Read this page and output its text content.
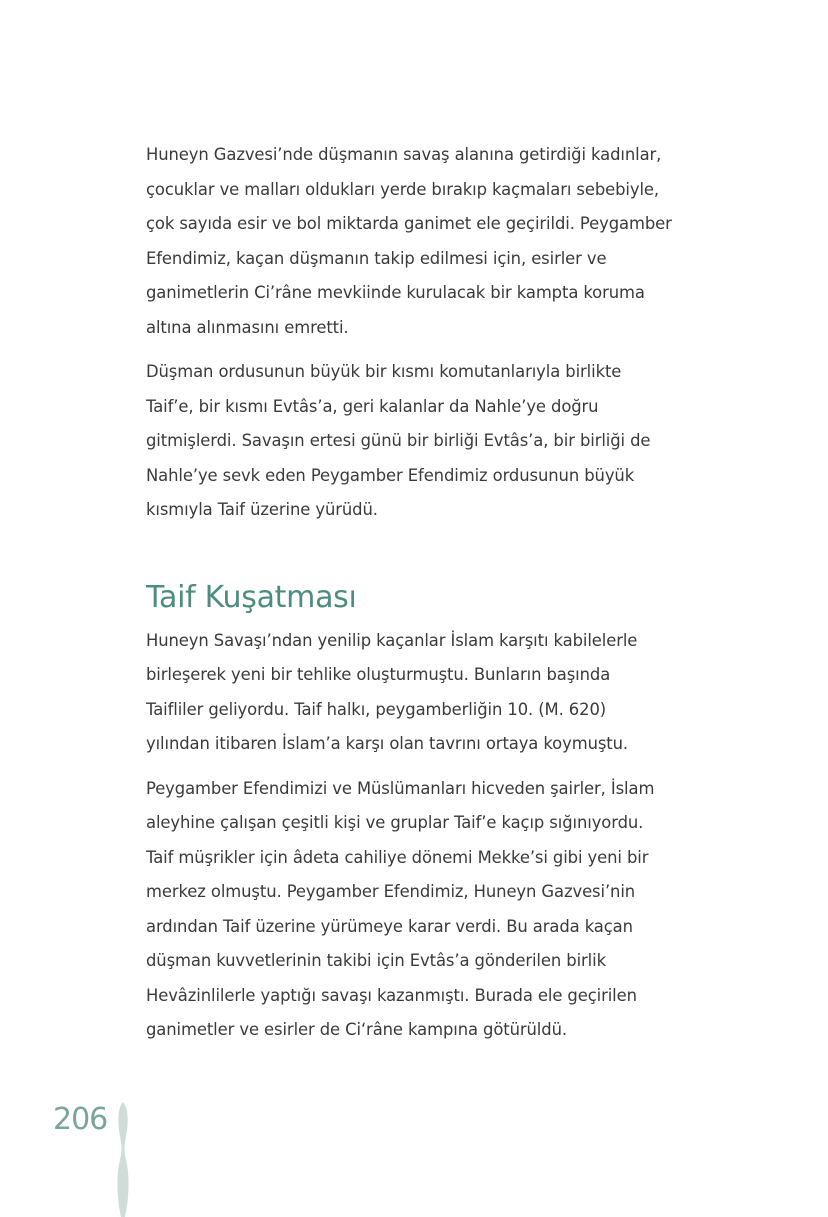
Huneyn Gazvesi’nde düşmanın savaş alanına getirdiği kadınlar,

çocuklar ve malları oldukları yerde bırakıp kaçmaları sebebiyle,

çok sayıda esir ve bol miktarda ganimet ele geçirildi. Peygamber

Efendimiz, kaçan düşmanın takip edilmesi için, esirler ve

ganimetlerin Ci’râne mevkiinde kurulacak bir kampta koruma

altına alınmasını emretti.

Düşman ordusunun büyük bir kısmı komutanlarıyla birlikte

Taif’e, bir kısmı Evtâs’a, geri kalanlar da Nahle’ye doğru

gitmişlerdi. Savaşın ertesi günü bir birliği Evtâs’a, bir birliği de

Nahle’ye sevk eden Peygamber Efendimiz ordusunun büyük

kısmıyla Taif üzerine yürüdü.

Taif Kuşatması

Huneyn Savaşı’ndan yenilip kaçanlar İslam karşıtı kabilelerle

birleşerek yeni bir tehlike oluşturmuştu. Bunların başında

Taifliler geliyordu. Taif halkı, peygamberliğin 10. (M. 620)

yılından itibaren İslam’a karşı olan tavrını ortaya koymuştu.

Peygamber Efendimizi ve Müslümanları hicveden şairler, İslam

aleyhine çalışan çeşitli kişi ve gruplar Taif’e kaçıp sığınıyordu.

Taif müşrikler için âdeta cahiliye dönemi Mekke’si gibi yeni bir

merkez olmuştu. Peygamber Efendimiz, Huneyn Gazvesi’nin

ardından Taif üzerine yürümeye karar verdi. Bu arada kaçan

düşman kuvvetlerinin takibi için Evtâs’a gönderilen birlik

Hevâzinlilerle yaptığı savaşı kazanmıştı. Burada ele geçirilen

ganimetler ve esirler de Ci‘râne kampına götürüldü.

206
